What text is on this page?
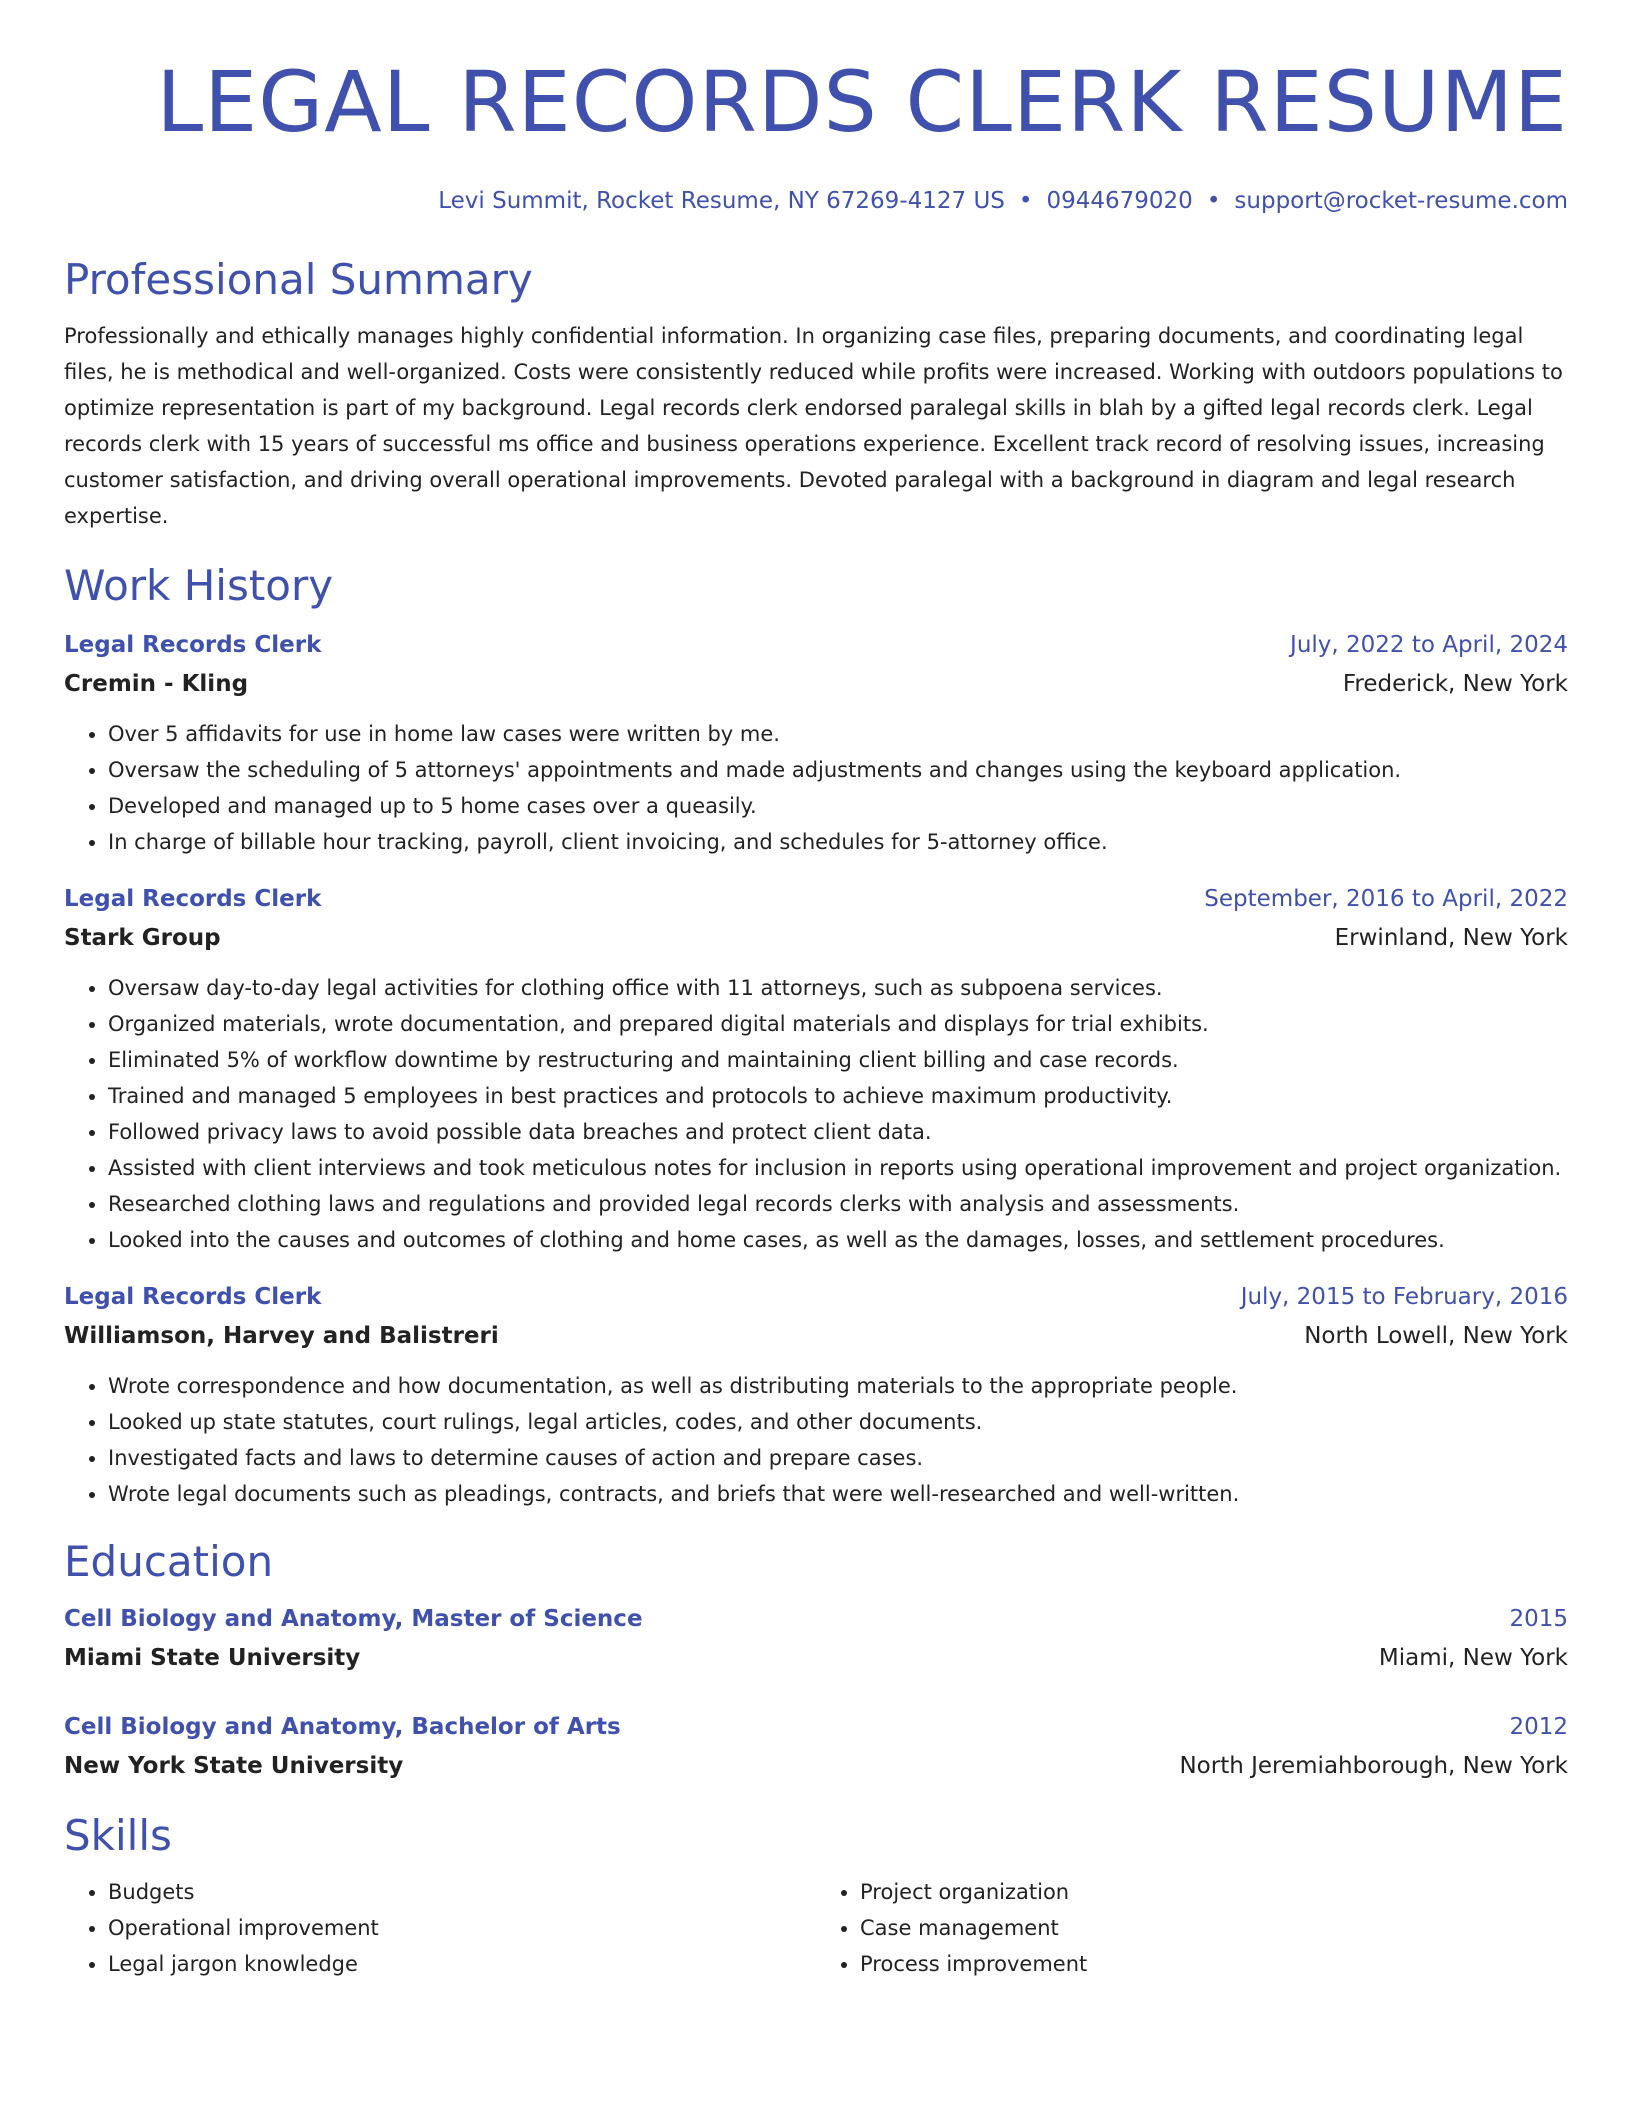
LEGAL RECORDS CLERK RESUME
Levi Summit, Rocket Resume, NY 67269-4127 US • 0944679020 • support@rocket-resume.com
Professional Summary

Professionally and ethically manages highly confidential information. In organizing case files, preparing documents, and coordinating legal files, he is methodical and well-organized. Costs were consistently reduced while profits were increased. Working with outdoors populations to optimize representation is part of my background. Legal records clerk endorsed paralegal skills in blah by a gifted legal records clerk. Legal records clerk with 15 years of successful ms office and business operations experience. Excellent track record of resolving issues, increasing customer satisfaction, and driving overall operational improvements. Devoted paralegal with a background in diagram and legal research expertise.

Work History
Legal Records Clerk	July, 2022 to April, 2024
Cremin - Kling	Frederick, New York
• Over 5 affidavits for use in home law cases were written by me.
• Oversaw the scheduling of 5 attorneys' appointments and made adjustments and changes using the keyboard application.
• Developed and managed up to 5 home cases over a queasily.
• In charge of billable hour tracking, payroll, client invoicing, and schedules for 5-attorney office.
Legal Records Clerk	September, 2016 to April, 2022
Stark Group	Erwinland, New York
• Oversaw day-to-day legal activities for clothing office with 11 attorneys, such as subpoena services.
• Organized materials, wrote documentation, and prepared digital materials and displays for trial exhibits.
• Eliminated 5% of workflow downtime by restructuring and maintaining client billing and case records.
• Trained and managed 5 employees in best practices and protocols to achieve maximum productivity.
• Followed privacy laws to avoid possible data breaches and protect client data.
• Assisted with client interviews and took meticulous notes for inclusion in reports using operational improvement and project organization.
• Researched clothing laws and regulations and provided legal records clerks with analysis and assessments.
• Looked into the causes and outcomes of clothing and home cases, as well as the damages, losses, and settlement procedures.
Legal Records Clerk	July, 2015 to February, 2016
Williamson, Harvey and Balistreri	North Lowell, New York
• Wrote correspondence and how documentation, as well as distributing materials to the appropriate people.
• Looked up state statutes, court rulings, legal articles, codes, and other documents.
• Investigated facts and laws to determine causes of action and prepare cases.
• Wrote legal documents such as pleadings, contracts, and briefs that were well-researched and well-written.
Education
Cell Biology and Anatomy, Master of Science	2015
Miami State University	Miami, New York
Cell Biology and Anatomy, Bachelor of Arts	2012
New York State University	North Jeremiahborough, New York
Skills
• Budgets
• Operational improvement
• Legal jargon knowledge
• Project organization
• Case management
• Process improvement
